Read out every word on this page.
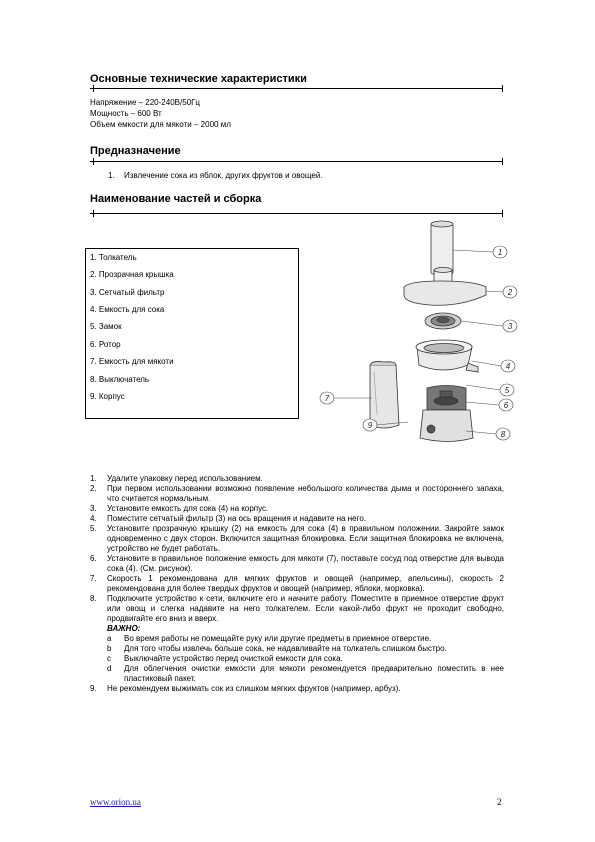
Основные технические характеристики
Напряжение – 220-240В/50Гц
Мощность – 600 Вт
Объем емкости для мякоти – 2000 мл
Предназначение
1. Извлечение сока из яблок, других фруктов и овощей.
Наименование частей и сборка
1. Толкатель
2. Прозрачная крышка
3. Сетчатый фильтр
4. Емкость для сока
5. Замок
6. Ротор
7. Емкость для мякоти
8. Выключатель
9. Корпус
1
2
3
4
5
6
8
7
9
1. Удалите упаковку перед использованием.
2. При первом использовании возможно появление небольшого количества дыма и постороннего запаха, что считается нормальным.
3. Установите емкость для сока (4) на корпус.
4. Поместите сетчатый фильтр (3) на ось вращения и надавите на него.
5. Установите прозрачную крышку (2) на емкость для сока (4) в правильном положении. Закройте замок одновременно с двух сторон. Включится защитная блокировка. Если защитная блокировка не включена, устройство не будет работать.
6. Установите в правильное положение емкость для мякоти (7), поставьте сосуд под отверстие для вывода сока (4). (См. рисунок).
7. Скорость 1 рекомендована для мягких фруктов и овощей (например, апельсины), скорость 2 рекомендована для более твердых фруктов и овощей (например, яблоки, морковка).
8. Подключите устройство к сети, включите его и начните работу. Поместите в приемное отверстие фрукт или овощ и слегка надавите на него толкателем. Если какой-либо фрукт не проходит свободно, продвигайте его вниз и вверх.
ВАЖНО:
a Во время работы не помещайте руку или другие предметы в приемное отверстие.
b Для того чтобы извлечь больше сока, не надавливайте на толкатель слишком быстро.
c Выключайте устройство перед очисткой емкости для сока.
d Для облегчения очистки емкости для мякоти рекомендуется предварительно поместить в нее пластиковый пакет.
9. Не рекомендуем выжимать сок из слишком мягких фруктов (например, арбуз).
www.orion.ua	2
